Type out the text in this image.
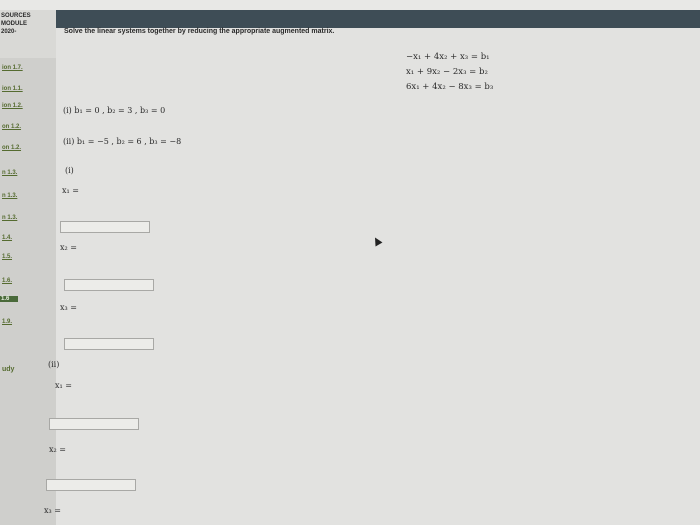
SOURCES
MODULE
2020-
ion 1.7.
ion 1.1.
ion 1.2.
on 1.2.
on 1.2.
n 1.3.
n 1.3.
n 1.3.
1.4.
1.5.
1.6.
1.6
1.9.
udy
Solve the linear systems together by reducing the appropriate augmented matrix.
−x₁ + 4x₂ + x₃ = b₁
x₁ + 9x₂ − 2x₃ = b₂
6x₁ + 4x₂ − 8x₃ = b₃
(i) b₁ = 0 , b₂ = 3 , b₃ = 0
(ii) b₁ = −5 , b₂ = 6 , b₃ = −8
(i)
x₁ =
x₂ =
x₃ =
(ii)
x₁ =
x₂ =
x₃ =
